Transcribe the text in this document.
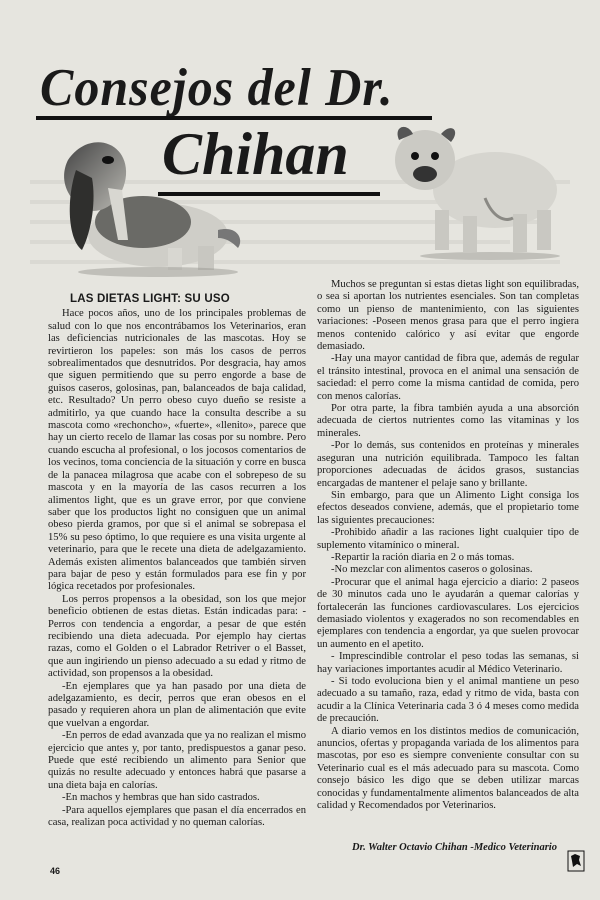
Consejos del Dr.
Chihan
LAS DIETAS LIGHT: SU USO

Hace pocos años, uno de los principales problemas de salud con lo que nos encontrábamos los Veterinarios, eran las deficiencias nutricionales de las mascotas. Hoy se revirtieron los papeles: son más los casos de perros sobrealimentados que desnutridos. Por desgracia, hay amos que siguen permitiendo que su perro engorde a base de guisos caseros, golosinas, pan, balanceados de baja calidad, etc. Resultado? Un perro obeso cuyo dueño se resiste a admitirlo, ya que cuando hace la consulta describe a su mascota como «rechoncho», «fuerte», «llenito», parece que hay un cierto recelo de llamar las cosas por su nombre. Pero cuando escucha al profesional, o los jocosos comentarios de los vecinos, toma conciencia de la situación y corre en busca de la panacea milagrosa que acabe con el sobrepeso de su mascota y en la mayoría de las casos recurren a los alimentos light, que es un grave error, por que conviene saber que los productos light no consiguen que un animal obeso pierda gramos, por que si el animal se sobrepasa el 15% su peso óptimo, lo que requiere es una visita urgente al veterinario, para que le recete una dieta de adelgazamiento. Además existen alimentos balanceados que también sirven para bajar de peso y están formulados para ese fin y por lógica recetados por profesionales.

Los perros propensos a la obesidad, son los que mejor beneficio obtienen de estas dietas. Están indicadas para: -Perros con tendencia a engordar, a pesar de que estén recibiendo una dieta adecuada. Por ejemplo hay ciertas razas, como el Golden o el Labrador Retriver o el Basset, que aun ingiriendo un pienso adecuado a su edad y ritmo de actividad, son propensos a la obesidad.

-En ejemplares que ya han pasado por una dieta de adelgazamiento, es decir, perros que eran obesos en el pasado y requieren ahora un plan de alimentación que evite que vuelvan a engordar.

-En perros de edad avanzada que ya no realizan el mismo ejercicio que antes y, por tanto, predispuestos a ganar peso. Puede que esté recibiendo un alimento para Senior que quizás no resulte adecuado y entonces habrá que pasarse a una dieta baja en calorías.

-En machos y hembras que han sido castrados.

-Para aquellos ejemplares que pasan el día encerrados en casa, realizan poca actividad y no queman calorías.

Muchos se preguntan si estas dietas light son equilibradas, o sea si aportan los nutrientes esenciales. Son tan completas como un pienso de mantenimiento, con las siguientes variaciones: -Poseen menos grasa para que el perro ingiera menos contenido calórico y así evitar que engorde demasiado.

-Hay una mayor cantidad de fibra que, además de regular el tránsito intestinal, provoca en el animal una sensación de saciedad: el perro come la misma cantidad de comida, pero con menos calorías.

Por otra parte, la fibra también ayuda a una absorción adecuada de ciertos nutrientes como las vitaminas y los minerales.

-Por lo demás, sus contenidos en proteínas y minerales aseguran una nutrición equilibrada. Tampoco les faltan proporciones adecuadas de ácidos grasos, sustancias encargadas de mantener el pelaje sano y brillante.

Sin embargo, para que un Alimento Light consiga los efectos deseados conviene, además, que el propietario tome las siguientes precauciones:

-Prohibido añadir a las raciones light cualquier tipo de suplemento vitamínico o mineral.

-Repartir la ración diaria en 2 o más tomas.

-No mezclar con alimentos caseros o golosinas.

-Procurar que el animal haga ejercicio a diario: 2 paseos de 30 minutos cada uno le ayudarán a quemar calorías y fortalecerán las funciones cardiovasculares. Los ejercicios demasiado violentos y exagerados no son recomendables en ejemplares con tendencia a engordar, ya que suelen provocar un aumento en el apetito.

- Imprescindible controlar el peso todas las semanas, si hay variaciones importantes acudir al Médico Veterinario.

- Si todo evoluciona bien y el animal mantiene un peso adecuado a su tamaño, raza, edad y ritmo de vida, basta con acudir a la Clínica Veterinaria cada 3 ó 4 meses como medida de precaución.

A diario vemos en los distintos medios de comunicación, anuncios, ofertas y propaganda variada de los alimentos para mascotas, por eso es siempre conveniente consultar con su Veterinario cual es el más adecuado para su mascota. Como consejo básico les digo que se deben utilizar marcas conocidas y fundamentalmente alimentos balanceados de alta calidad y Recomendados por Veterinarios.

Dr. Walter Octavio Chihan -Medico Veterinario
46
